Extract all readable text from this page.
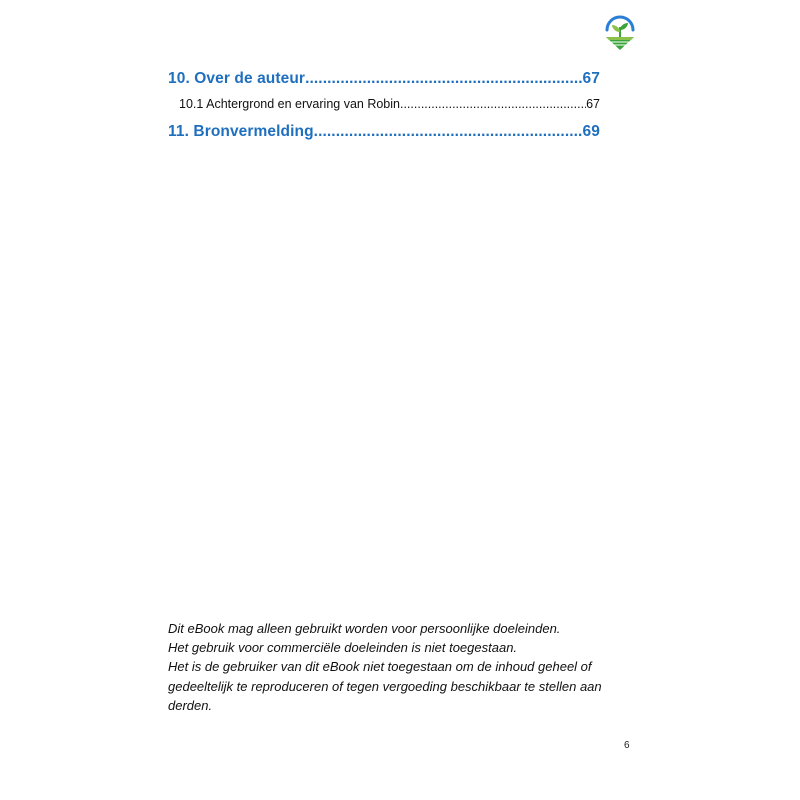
10. Over de auteur .....	67
10.1 Achtergrond en ervaring van Robin .....	67
11. Bronvermelding .....	69
Dit eBook mag alleen gebruikt worden voor persoonlijke doeleinden.
Het gebruik voor commerciële doeleinden is niet toegestaan.
Het is de gebruiker van dit eBook niet toegestaan om de inhoud geheel of
gedeeltelijk te reproduceren of tegen vergoeding beschikbaar te stellen aan
derden.
6
